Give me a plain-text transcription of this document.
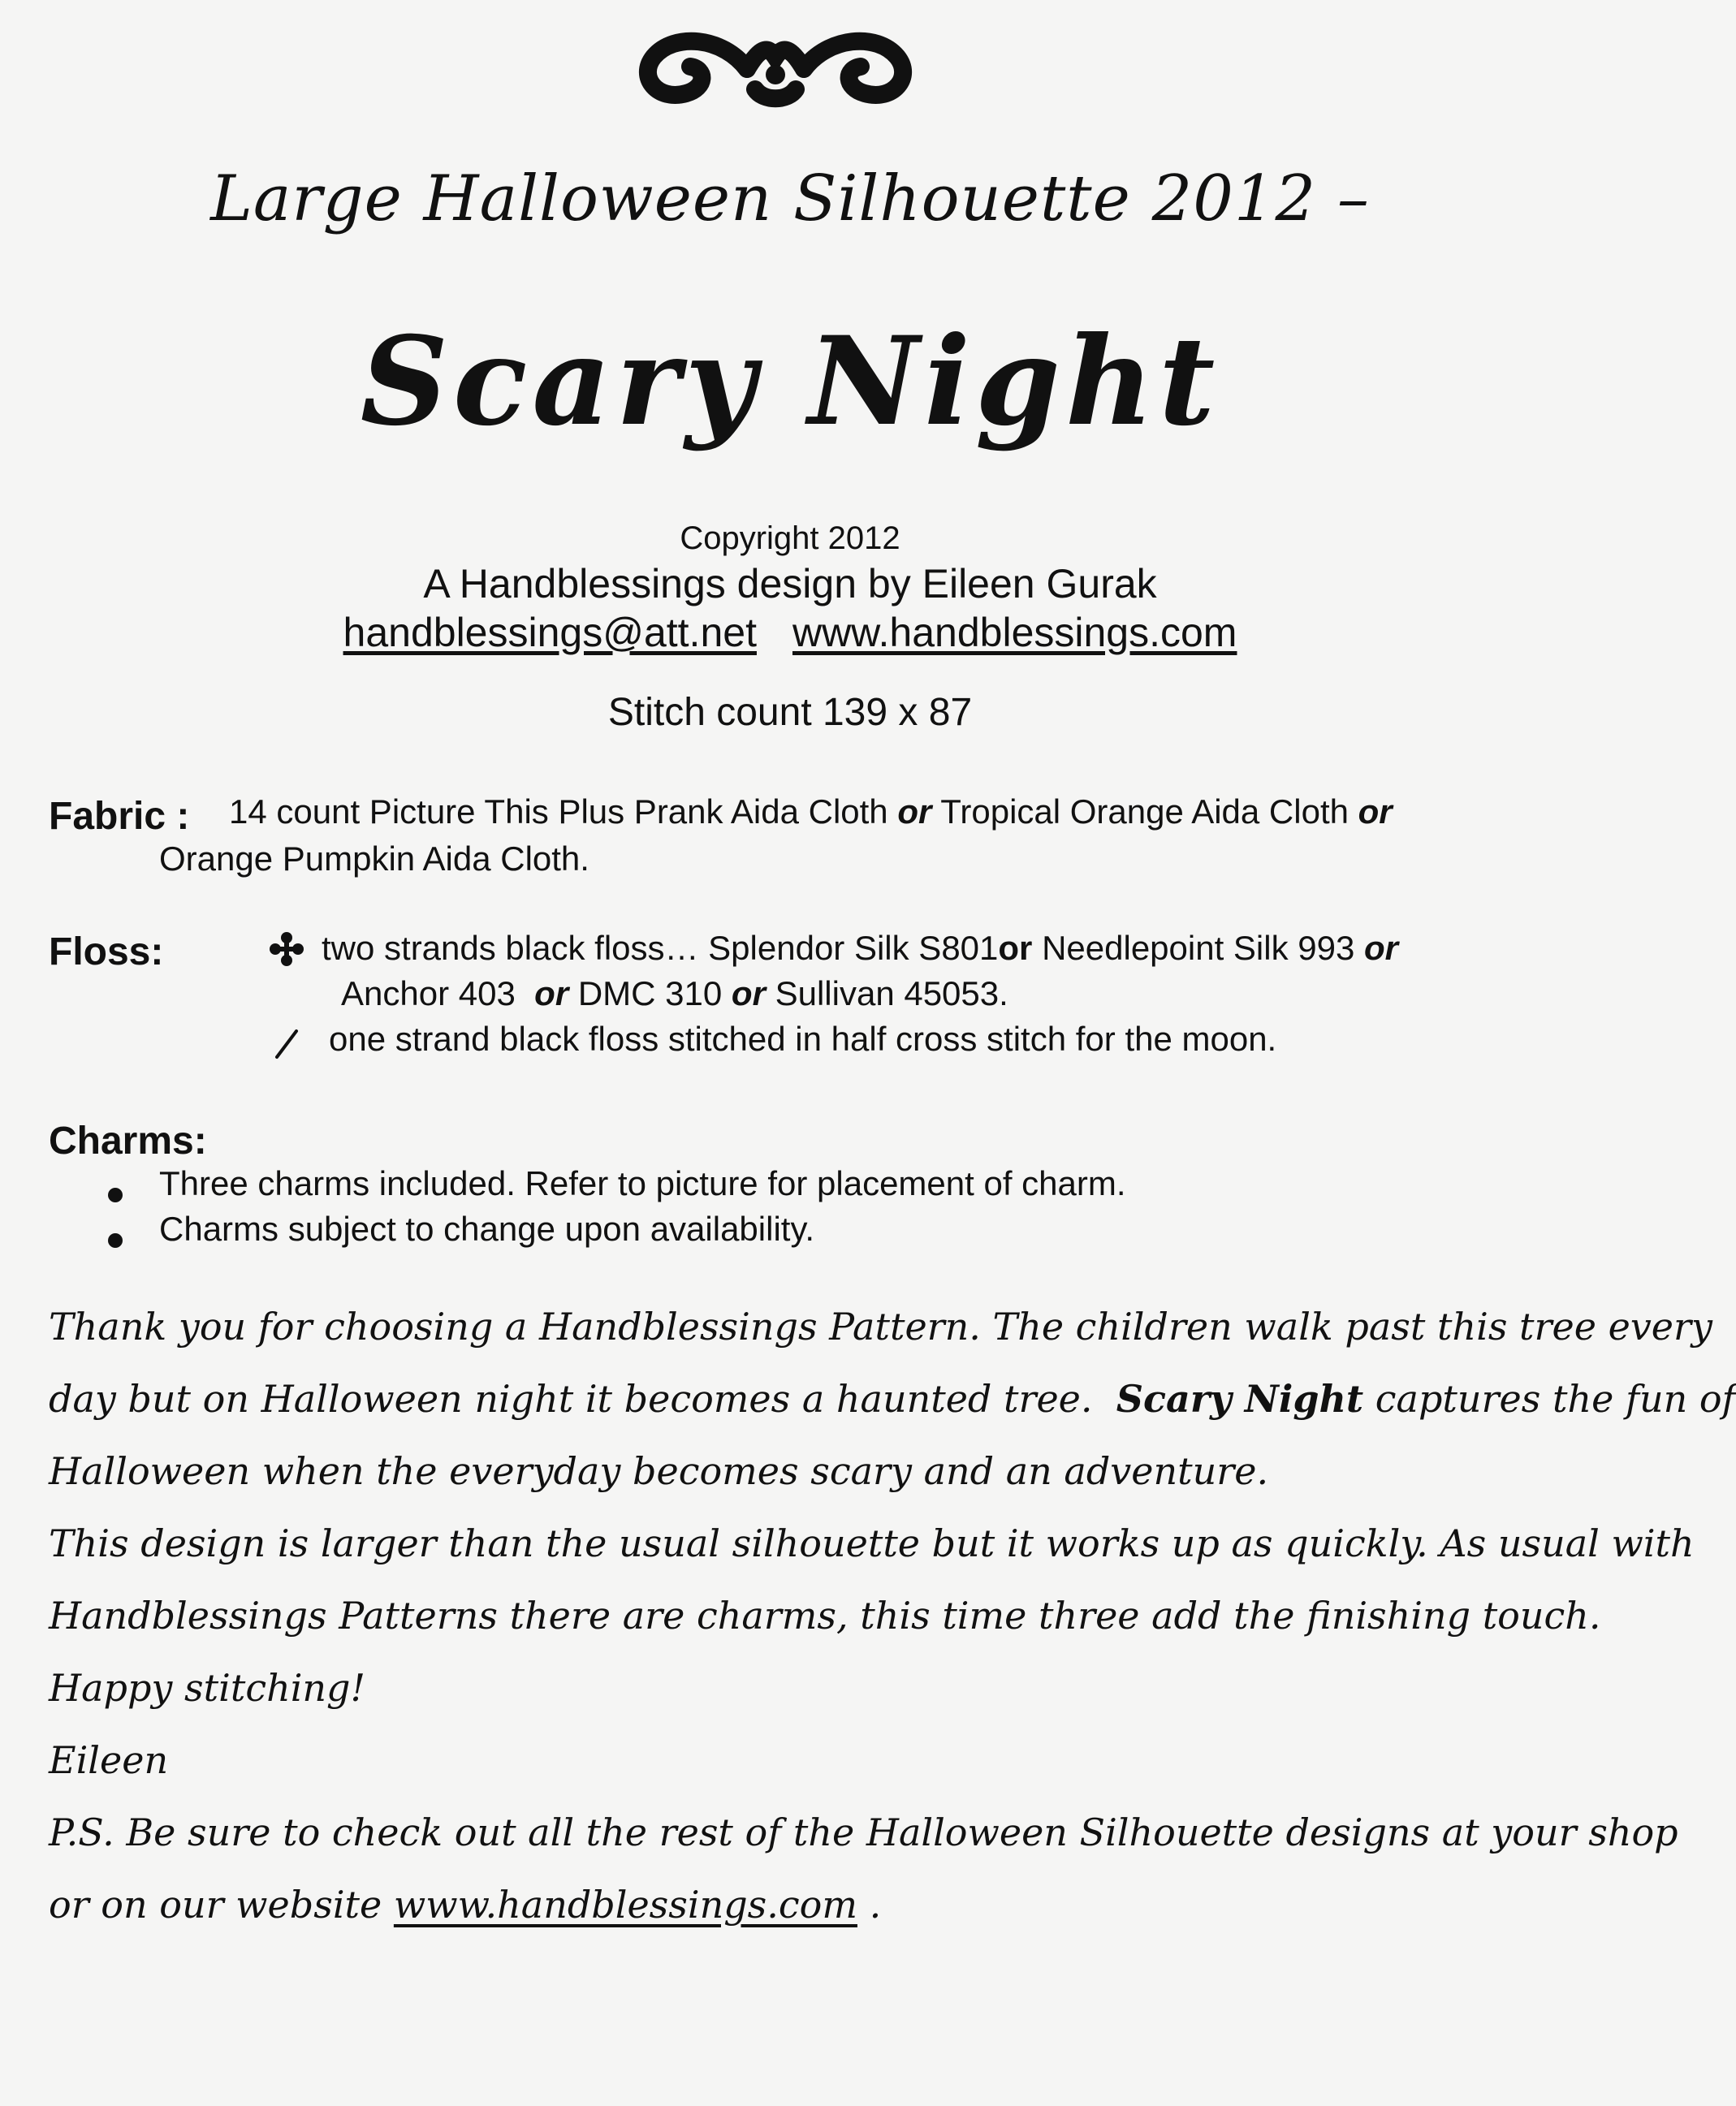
Large Halloween Silhouette 2012 –
Scary Night
Copyright 2012
A Handblessings design by Eileen Gurak
handblessings@att.net www.handblessings.com
Stitch count 139 x 87
Fabric : 14 count Picture This Plus Prank Aida Cloth or Tropical Orange Aida Cloth or
Orange Pumpkin Aida Cloth.
Floss:	two strands black floss… Splendor Silk S801or Needlepoint Silk 993 or
Anchor 403 or DMC 310 or Sullivan 45053.
one strand black floss stitched in half cross stitch for the moon.
Charms:
Three charms included. Refer to picture for placement of charm.
Charms subject to change upon availability.
Thank you for choosing a Handblessings Pattern. The children walk past this tree every
day but on Halloween night it becomes a haunted tree. Scary Night captures the fun of
Halloween when the everyday becomes scary and an adventure.
This design is larger than the usual silhouette but it works up as quickly. As usual with
Handblessings Patterns there are charms, this time three add the finishing touch.
Happy stitching!
Eileen
P.S. Be sure to check out all the rest of the Halloween Silhouette designs at your shop
or on our website www.handblessings.com .
